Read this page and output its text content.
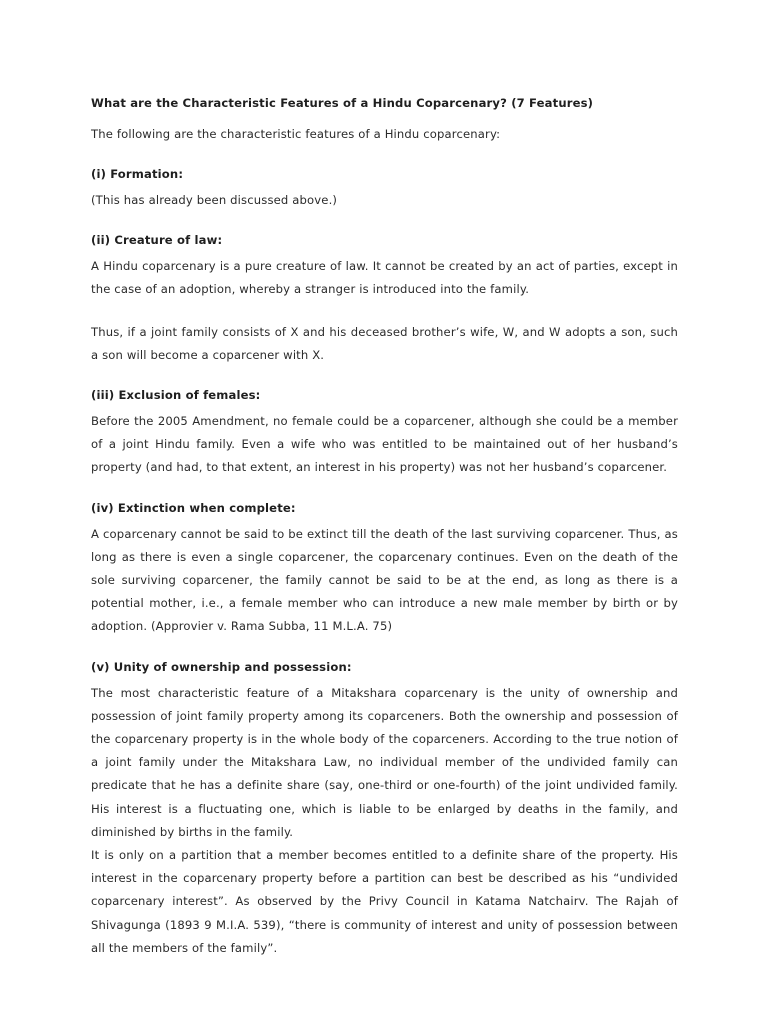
What are the Characteristic Features of a Hindu Coparcenary? (7 Features)
The following are the characteristic features of a Hindu coparcenary:
(i) Formation:

(This has already been discussed above.)

(ii) Creature of law:

A Hindu coparcenary is a pure creature of law. It cannot be created by an act of parties, except in the case of an adoption, whereby a stranger is introduced into the family.

Thus, if a joint family consists of X and his deceased brother’s wife, W, and W adopts a son, such a son will become a coparcener with X.

(iii) Exclusion of females:

Before the 2005 Amendment, no female could be a coparcener, although she could be a member of a joint Hindu family. Even a wife who was entitled to be maintained out of her husband’s property (and had, to that extent, an interest in his property) was not her husband’s coparcener.

(iv) Extinction when complete:

A coparcenary cannot be said to be extinct till the death of the last surviving coparcener. Thus, as long as there is even a single coparcener, the coparcenary continues. Even on the death of the sole surviving coparcener, the family cannot be said to be at the end, as long as there is a potential mother, i.e., a female member who can introduce a new male member by birth or by adoption. (Approvier v. Rama Subba, 11 M.L.A. 75)

(v) Unity of ownership and possession:

The most characteristic feature of a Mitakshara coparcenary is the unity of ownership and possession of joint family property among its coparceners. Both the ownership and possession of the coparcenary property is in the whole body of the coparceners. According to the true notion of a joint family under the Mitakshara Law, no individual member of the undivided family can predicate that he has a definite share (say, one-third or one-fourth) of the joint undivided family. His interest is a fluctuating one, which is liable to be enlarged by deaths in the family, and diminished by births in the family.

It is only on a partition that a member becomes entitled to a definite share of the property. His interest in the coparcenary property before a partition can best be described as his “undivided coparcenary interest”. As observed by the Privy Council in Katama Natchairv. The Rajah of Shivagunga (1893 9 M.I.A. 539), “there is community of interest and unity of possession between all the members of the family”.
